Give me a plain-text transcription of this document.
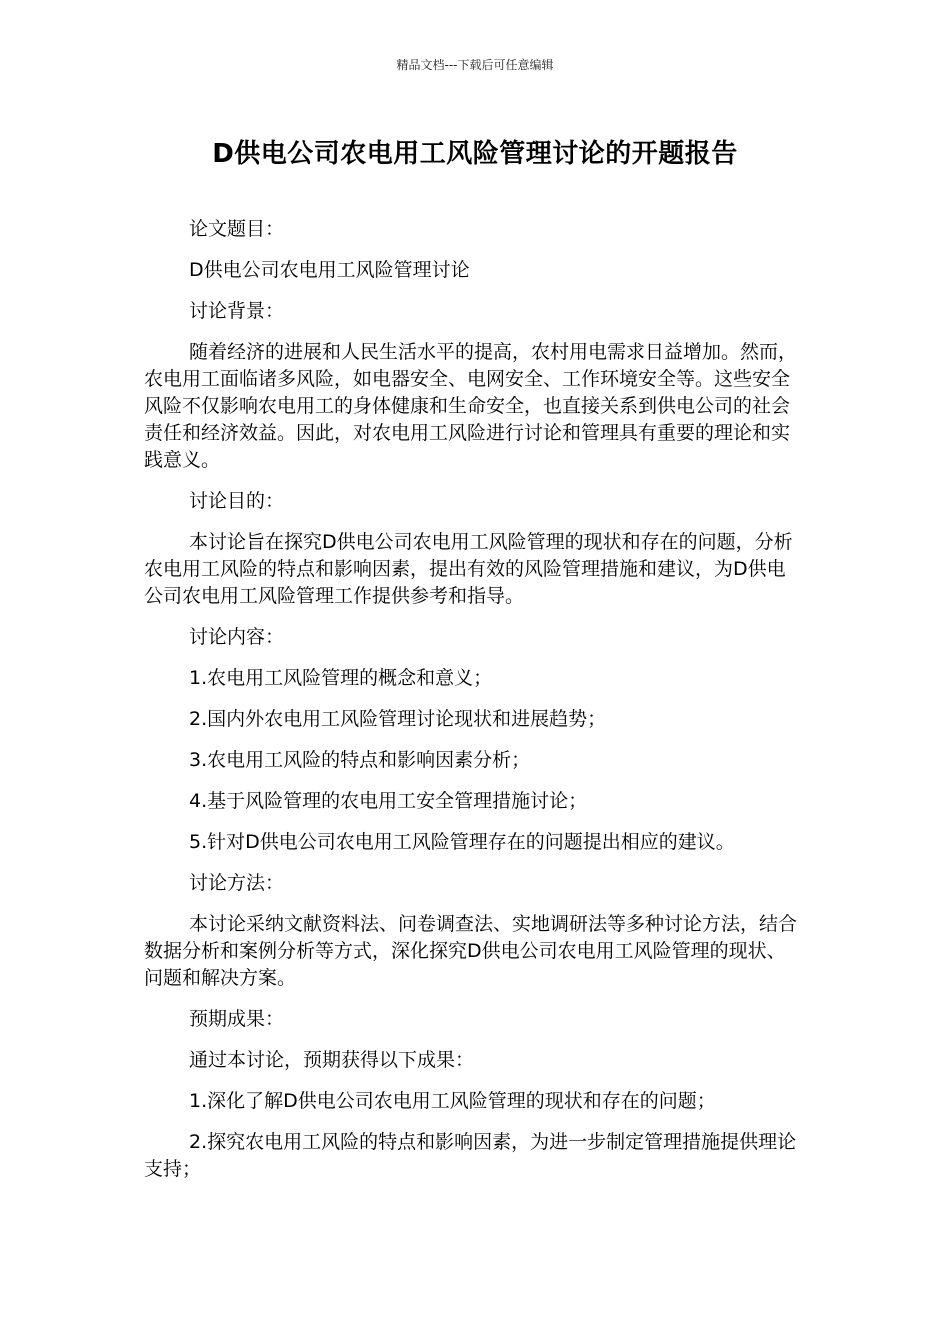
精品文档---下载后可任意编辑
D供电公司农电用工风险管理讨论的开题报告

论文题目：

D供电公司农电用工风险管理讨论

讨论背景：

随着经济的进展和人民生活水平的提高，农村用电需求日益增加。然而，农电用工面临诸多风险，如电器安全、电网安全、工作环境安全等。这些安全风险不仅影响农电用工的身体健康和生命安全，也直接关系到供电公司的社会责任和经济效益。因此，对农电用工风险进行讨论和管理具有重要的理论和实践意义。

讨论目的：

本讨论旨在探究D供电公司农电用工风险管理的现状和存在的问题，分析农电用工风险的特点和影响因素，提出有效的风险管理措施和建议，为D供电公司农电用工风险管理工作提供参考和指导。

讨论内容：

1.农电用工风险管理的概念和意义；

2.国内外农电用工风险管理讨论现状和进展趋势；

3.农电用工风险的特点和影响因素分析；

4.基于风险管理的农电用工安全管理措施讨论；

5.针对D供电公司农电用工风险管理存在的问题提出相应的建议。

讨论方法：

本讨论采纳文献资料法、问卷调查法、实地调研法等多种讨论方法，结合数据分析和案例分析等方式，深化探究D供电公司农电用工风险管理的现状、问题和解决方案。

预期成果：

通过本讨论，预期获得以下成果：

1.深化了解D供电公司农电用工风险管理的现状和存在的问题；

2.探究农电用工风险的特点和影响因素，为进一步制定管理措施提供理论支持；
